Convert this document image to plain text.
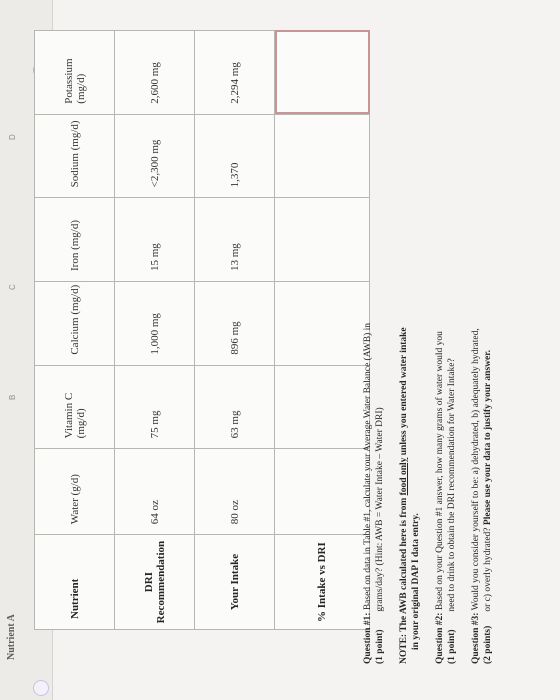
Nutrient A
B
C
D
Nutrient	Water (g/d)	Vitamin C (mg/d)	Calcium (mg/d)	Iron (mg/d)	Sodium (mg/d)	Potassium (mg/d)

DRI Recommendation	64 oz	75 mg	1,000 mg	15 mg	<2,300 mg	2,600 mg
Your Intake	80 oz	63 mg	896 mg	13 mg	1,370	2,294 mg
% Intake vs DRI						
Question #1: Based on data in Table #1, calculate your Average Water Balance (AWB) in
(1 point) grams/day? (Hint: AWB = Water Intake – Water DRI) NOTE: The AWB calculated here is from food only unless you entered water intake
in your original DAP I data entry. Question #2: Based on your Question #1 answer, how many grams of water would you
(1 point) need to drink to obtain the DRI recommendation for Water Intake?
Question #3: Would you consider yourself to be: a) dehydrated, b) adequately hydrated,
(2 points) or c) overly hydrated? Please use your data to justify your answer.
